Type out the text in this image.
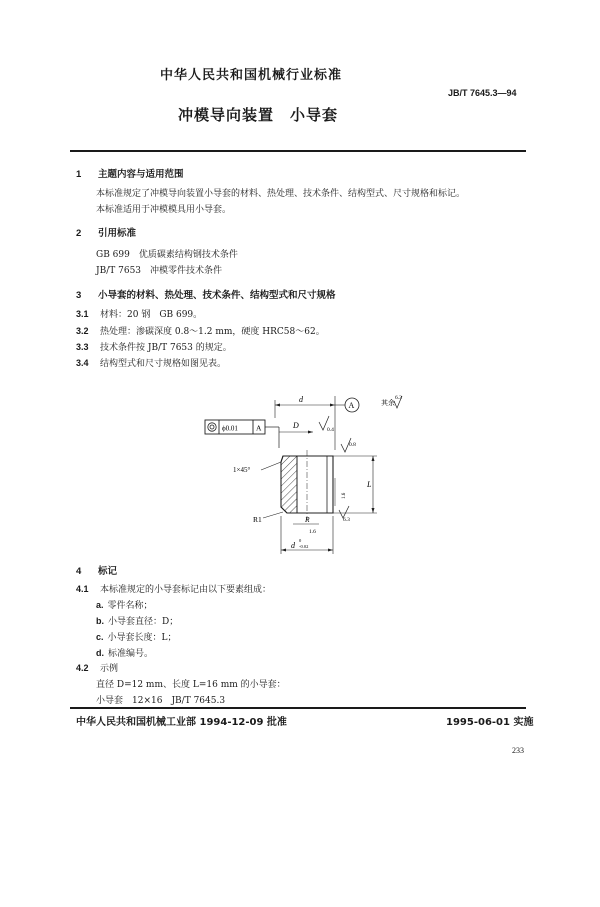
中华人民共和国机械行业标准
JB/T 7645.3—94
冲模导向装置　小导套
1 主题内容与适用范围
本标准规定了冲模导向装置小导套的材料、热处理、技术条件、结构型式、尺寸规格和标记。
本标准适用于冲模模具用小导套。
2 引用标准
GB 699　优质碳素结构钢技术条件
JB/T 7653　冲模零件技术条件
3 小导套的材料、热处理、技术条件、结构型式和尺寸规格
3.1 材料：20 钢　GB 699。
3.2 热处理：渗碳深度 0.8～1.2 mm，硬度 HRC58～62。
3.3 技术条件按 JB/T 7653 的规定。
3.4 结构型式和尺寸规格如图见表。
ϕ0.01 A
d
A	其余
6.3
D	0.4
0.8
1×45°
R1
L
1.6
R
1.6
6.3
d
0
-0.02
4 标记
4.1 本标准规定的小导套标记由以下要素组成：
a. 零件名称；
b. 小导套直径：D；
c. 小导套长度：L；
d. 标准编号。
4.2 示例
直径 D=12 mm、长度 L=16 mm 的小导套：
小导套　12×16　JB/T 7645.3
中华人民共和国机械工业部 1994-12-09 批准	1995-06-01 实施
233
